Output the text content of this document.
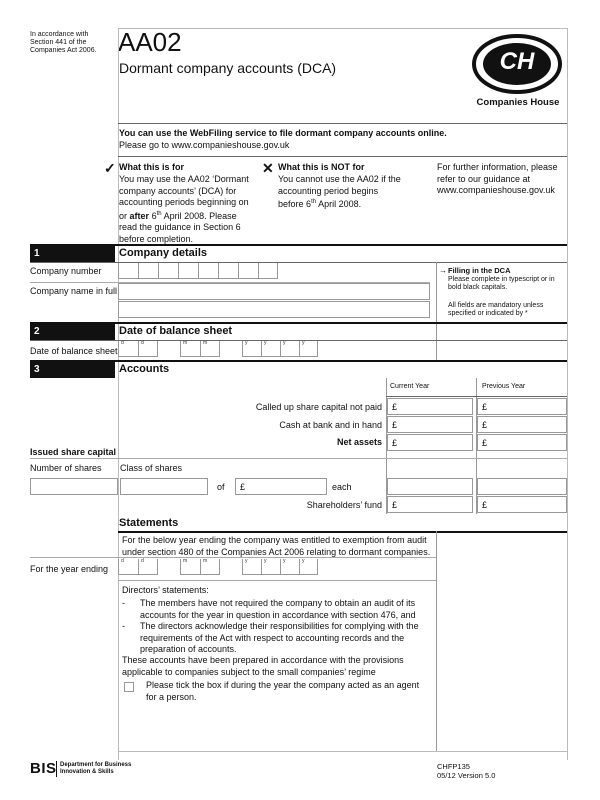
In accordance with Section 441 of the Companies Act 2006. AA02
Dormant company accounts (DCA)	CH
Companies House
You can use the WebFiling service to file dormant company accounts online.
Please go to www.companieshouse.gov.uk
✓ What this is for
You may use the AA02 ‘Dormant company accounts’ (DCA) for accounting periods beginning on or after 6th April 2008. Please read the guidance in Section 6 before completion.
✕ What this is NOT for
You cannot use the AA02 if the accounting period begins before 6th April 2008.
For further information, please refer to our guidance at www.companieshouse.gov.uk
1	Company details
Company number
Company name in full
→ Filling in the DCA
Please complete in typescript or in bold black capitals.
All fields are mandatory unless specified or indicated by *
2	Date of balance sheet
Date of balance sheet
d	d	m	m	y	y	y	y
3	Accounts
Current Year	Previous Year
Called up share capital not paid £	£
Cash at bank and in hand £	£
Net assets £	£
Issued share capital
Number of shares Class of shares
of £	each
Shareholders’ fund £	£
Statements
For the below year ending the company was entitled to exemption from audit under section 480 of the Companies Act 2006 relating to dormant companies.
For the year ending
d	d	m	m	y	y	y	y
Directors’ statements:
- The members have not required the company to obtain an audit of its accounts for the year in question in accordance with section 476, and
- The directors acknowledge their responsibilities for complying with the requirements of the Act with respect to accounting records and the preparation of accounts.
These accounts have been prepared in accordance with the provisions applicable to companies subject to the small companies’ regime
Please tick the box if during the year the company acted as an agent for a person.
BIS Department for Business
Innovation & Skills
CHFP135
05/12 Version 5.0
